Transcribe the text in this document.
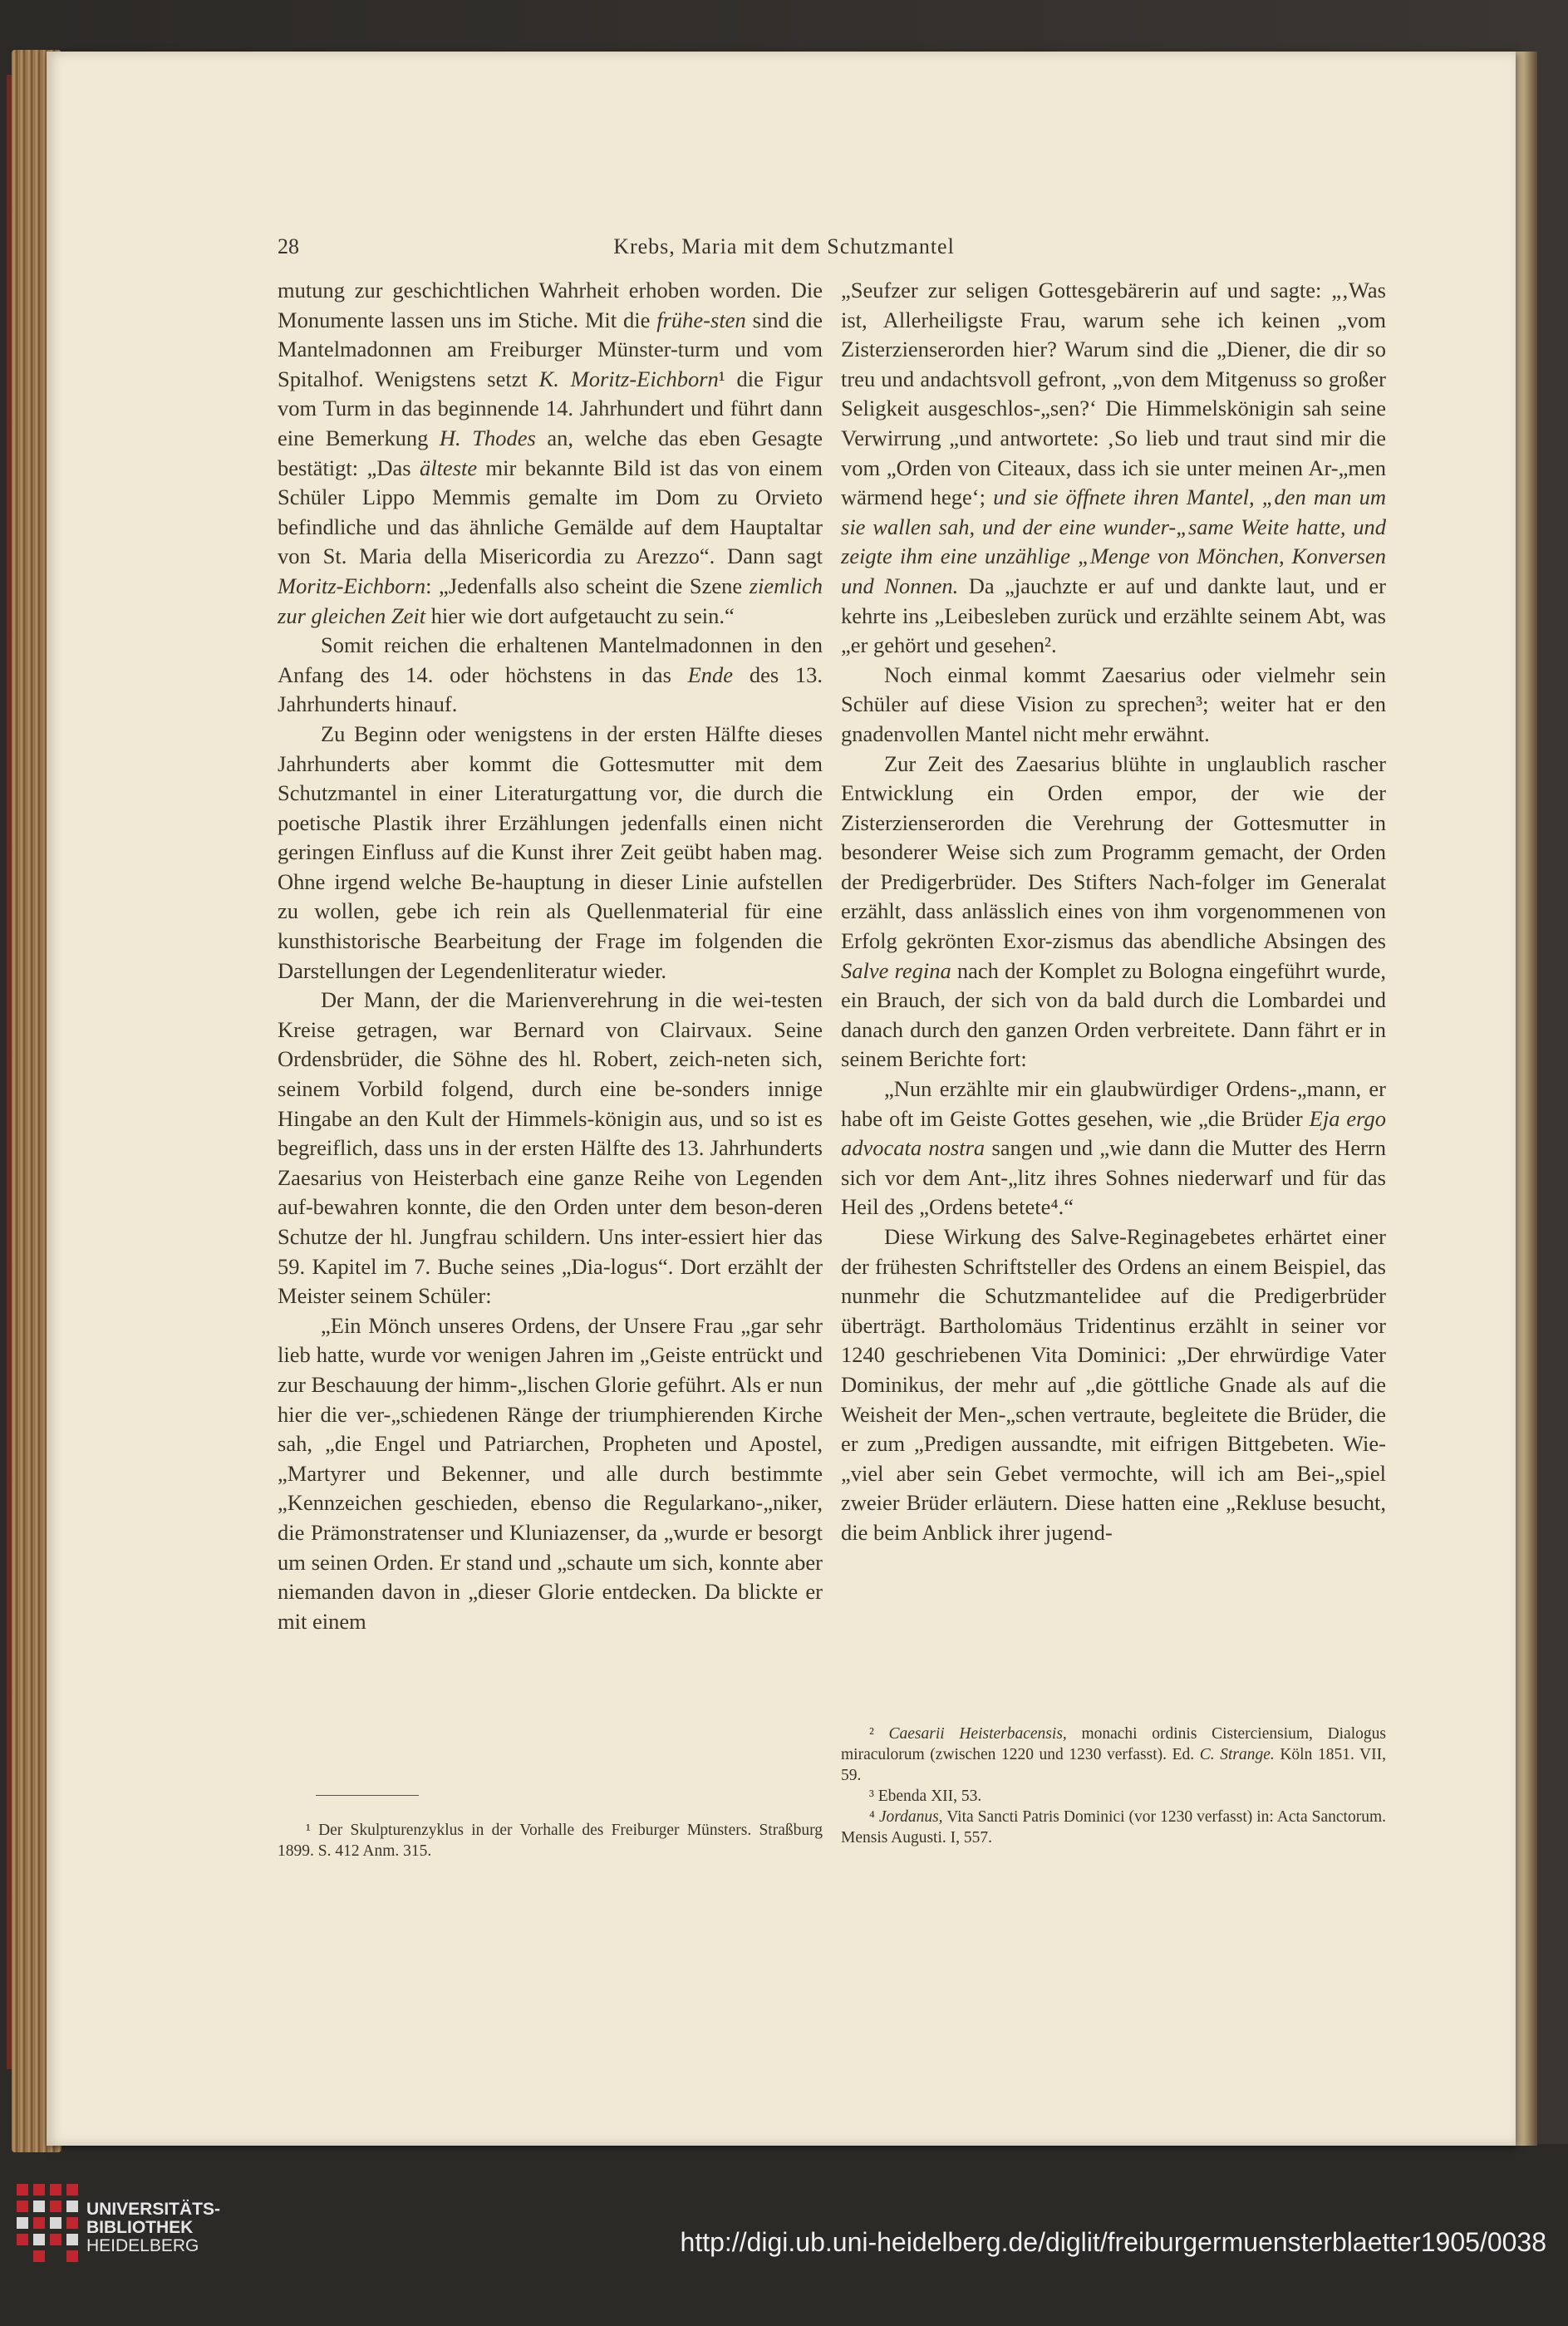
28	Krebs, Maria mit dem Schutzmantel

mutung zur geschichtlichen Wahrheit erhoben worden. Die Monumente lassen uns im Stiche. Mit die frühe-sten sind die Mantelmadonnen am Freiburger Münster-turm und vom Spitalhof. Wenigstens setzt K. Moritz-Eichborn¹ die Figur vom Turm in das beginnende 14. Jahrhundert und führt dann eine Bemerkung H. Thodes an, welche das eben Gesagte bestätigt: „Das älteste mir bekannte Bild ist das von einem Schüler Lippo Memmis gemalte im Dom zu Orvieto befindliche und das ähnliche Gemälde auf dem Hauptaltar von St. Maria della Misericordia zu Arezzo“. Dann sagt Moritz-Eichborn: „Jedenfalls also scheint die Szene ziemlich zur gleichen Zeit hier wie dort aufgetaucht zu sein.“

Somit reichen die erhaltenen Mantelmadonnen in den Anfang des 14. oder höchstens in das Ende des 13. Jahrhunderts hinauf.

Zu Beginn oder wenigstens in der ersten Hälfte dieses Jahrhunderts aber kommt die Gottesmutter mit dem Schutzmantel in einer Literaturgattung vor, die durch die poetische Plastik ihrer Erzählungen jedenfalls einen nicht geringen Einfluss auf die Kunst ihrer Zeit geübt haben mag. Ohne irgend welche Be-hauptung in dieser Linie aufstellen zu wollen, gebe ich rein als Quellenmaterial für eine kunsthistorische Bearbeitung der Frage im folgenden die Darstellungen der Legendenliteratur wieder.

Der Mann, der die Marienverehrung in die wei-testen Kreise getragen, war Bernard von Clairvaux. Seine Ordensbrüder, die Söhne des hl. Robert, zeich-neten sich, seinem Vorbild folgend, durch eine be-sonders innige Hingabe an den Kult der Himmels-königin aus, und so ist es begreiflich, dass uns in der ersten Hälfte des 13. Jahrhunderts Zaesarius von Heisterbach eine ganze Reihe von Legenden auf-bewahren konnte, die den Orden unter dem beson-deren Schutze der hl. Jungfrau schildern. Uns inter-essiert hier das 59. Kapitel im 7. Buche seines „Dia-logus“. Dort erzählt der Meister seinem Schüler:

„Ein Mönch unseres Ordens, der Unsere Frau „gar sehr lieb hatte, wurde vor wenigen Jahren im „Geiste entrückt und zur Beschauung der himm-„lischen Glorie geführt. Als er nun hier die ver-„schiedenen Ränge der triumphierenden Kirche sah, „die Engel und Patriarchen, Propheten und Apostel, „Martyrer und Bekenner, und alle durch bestimmte „Kennzeichen geschieden, ebenso die Regularkano-„niker, die Prämonstratenser und Kluniazenser, da „wurde er besorgt um seinen Orden. Er stand und „schaute um sich, konnte aber niemanden davon in „dieser Glorie entdecken. Da blickte er mit einem

¹ Der Skulpturenzyklus in der Vorhalle des Freiburger Münsters. Straßburg 1899. S. 412 Anm. 315.

„Seufzer zur seligen Gottesgebärerin auf und sagte: „‚Was ist, Allerheiligste Frau, warum sehe ich keinen „vom Zisterzienserorden hier? Warum sind die „Diener, die dir so treu und andachtsvoll gefront, „von dem Mitgenuss so großer Seligkeit ausgeschlos-„sen?‘ Die Himmelskönigin sah seine Verwirrung „und antwortete: ‚So lieb und traut sind mir die vom „Orden von Citeaux, dass ich sie unter meinen Ar-„men wärmend hege‘; und sie öffnete ihren Mantel, „den man um sie wallen sah, und der eine wunder-„same Weite hatte, und zeigte ihm eine unzählige „Menge von Mönchen, Konversen und Nonnen. Da „jauchzte er auf und dankte laut, und er kehrte ins „Leibesleben zurück und erzählte seinem Abt, was „er gehört und gesehen².

Noch einmal kommt Zaesarius oder vielmehr sein Schüler auf diese Vision zu sprechen³; weiter hat er den gnadenvollen Mantel nicht mehr erwähnt.

Zur Zeit des Zaesarius blühte in unglaublich rascher Entwicklung ein Orden empor, der wie der Zisterzienserorden die Verehrung der Gottesmutter in besonderer Weise sich zum Programm gemacht, der Orden der Predigerbrüder. Des Stifters Nach-folger im Generalat erzählt, dass anlässlich eines von ihm vorgenommenen von Erfolg gekrönten Exor-zismus das abendliche Absingen des Salve regina nach der Komplet zu Bologna eingeführt wurde, ein Brauch, der sich von da bald durch die Lombardei und danach durch den ganzen Orden verbreitete. Dann fährt er in seinem Berichte fort:

„Nun erzählte mir ein glaubwürdiger Ordens-„mann, er habe oft im Geiste Gottes gesehen, wie „die Brüder Eja ergo advocata nostra sangen und „wie dann die Mutter des Herrn sich vor dem Ant-„litz ihres Sohnes niederwarf und für das Heil des „Ordens betete⁴.“

Diese Wirkung des Salve-Reginagebetes erhärtet einer der frühesten Schriftsteller des Ordens an einem Beispiel, das nunmehr die Schutzmantelidee auf die Predigerbrüder überträgt. Bartholomäus Tridentinus erzählt in seiner vor 1240 geschriebenen Vita Dominici: „Der ehrwürdige Vater Dominikus, der mehr auf „die göttliche Gnade als auf die Weisheit der Men-„schen vertraute, begleitete die Brüder, die er zum „Predigen aussandte, mit eifrigen Bittgebeten. Wie-„viel aber sein Gebet vermochte, will ich am Bei-„spiel zweier Brüder erläutern. Diese hatten eine „Rekluse besucht, die beim Anblick ihrer jugend-

² Caesarii Heisterbacensis, monachi ordinis Cisterciensium, Dialogus miraculorum (zwischen 1220 und 1230 verfasst). Ed. C. Strange. Köln 1851. VII, 59.

³ Ebenda XII, 53.

⁴ Jordanus, Vita Sancti Patris Dominici (vor 1230 verfasst) in: Acta Sanctorum. Mensis Augusti. I, 557.

UNIVERSITÄTS-
BIBLIOTHEK
HEIDELBERG	http://digi.ub.uni-heidelberg.de/diglit/freiburgermuensterblaetter1905/0038
